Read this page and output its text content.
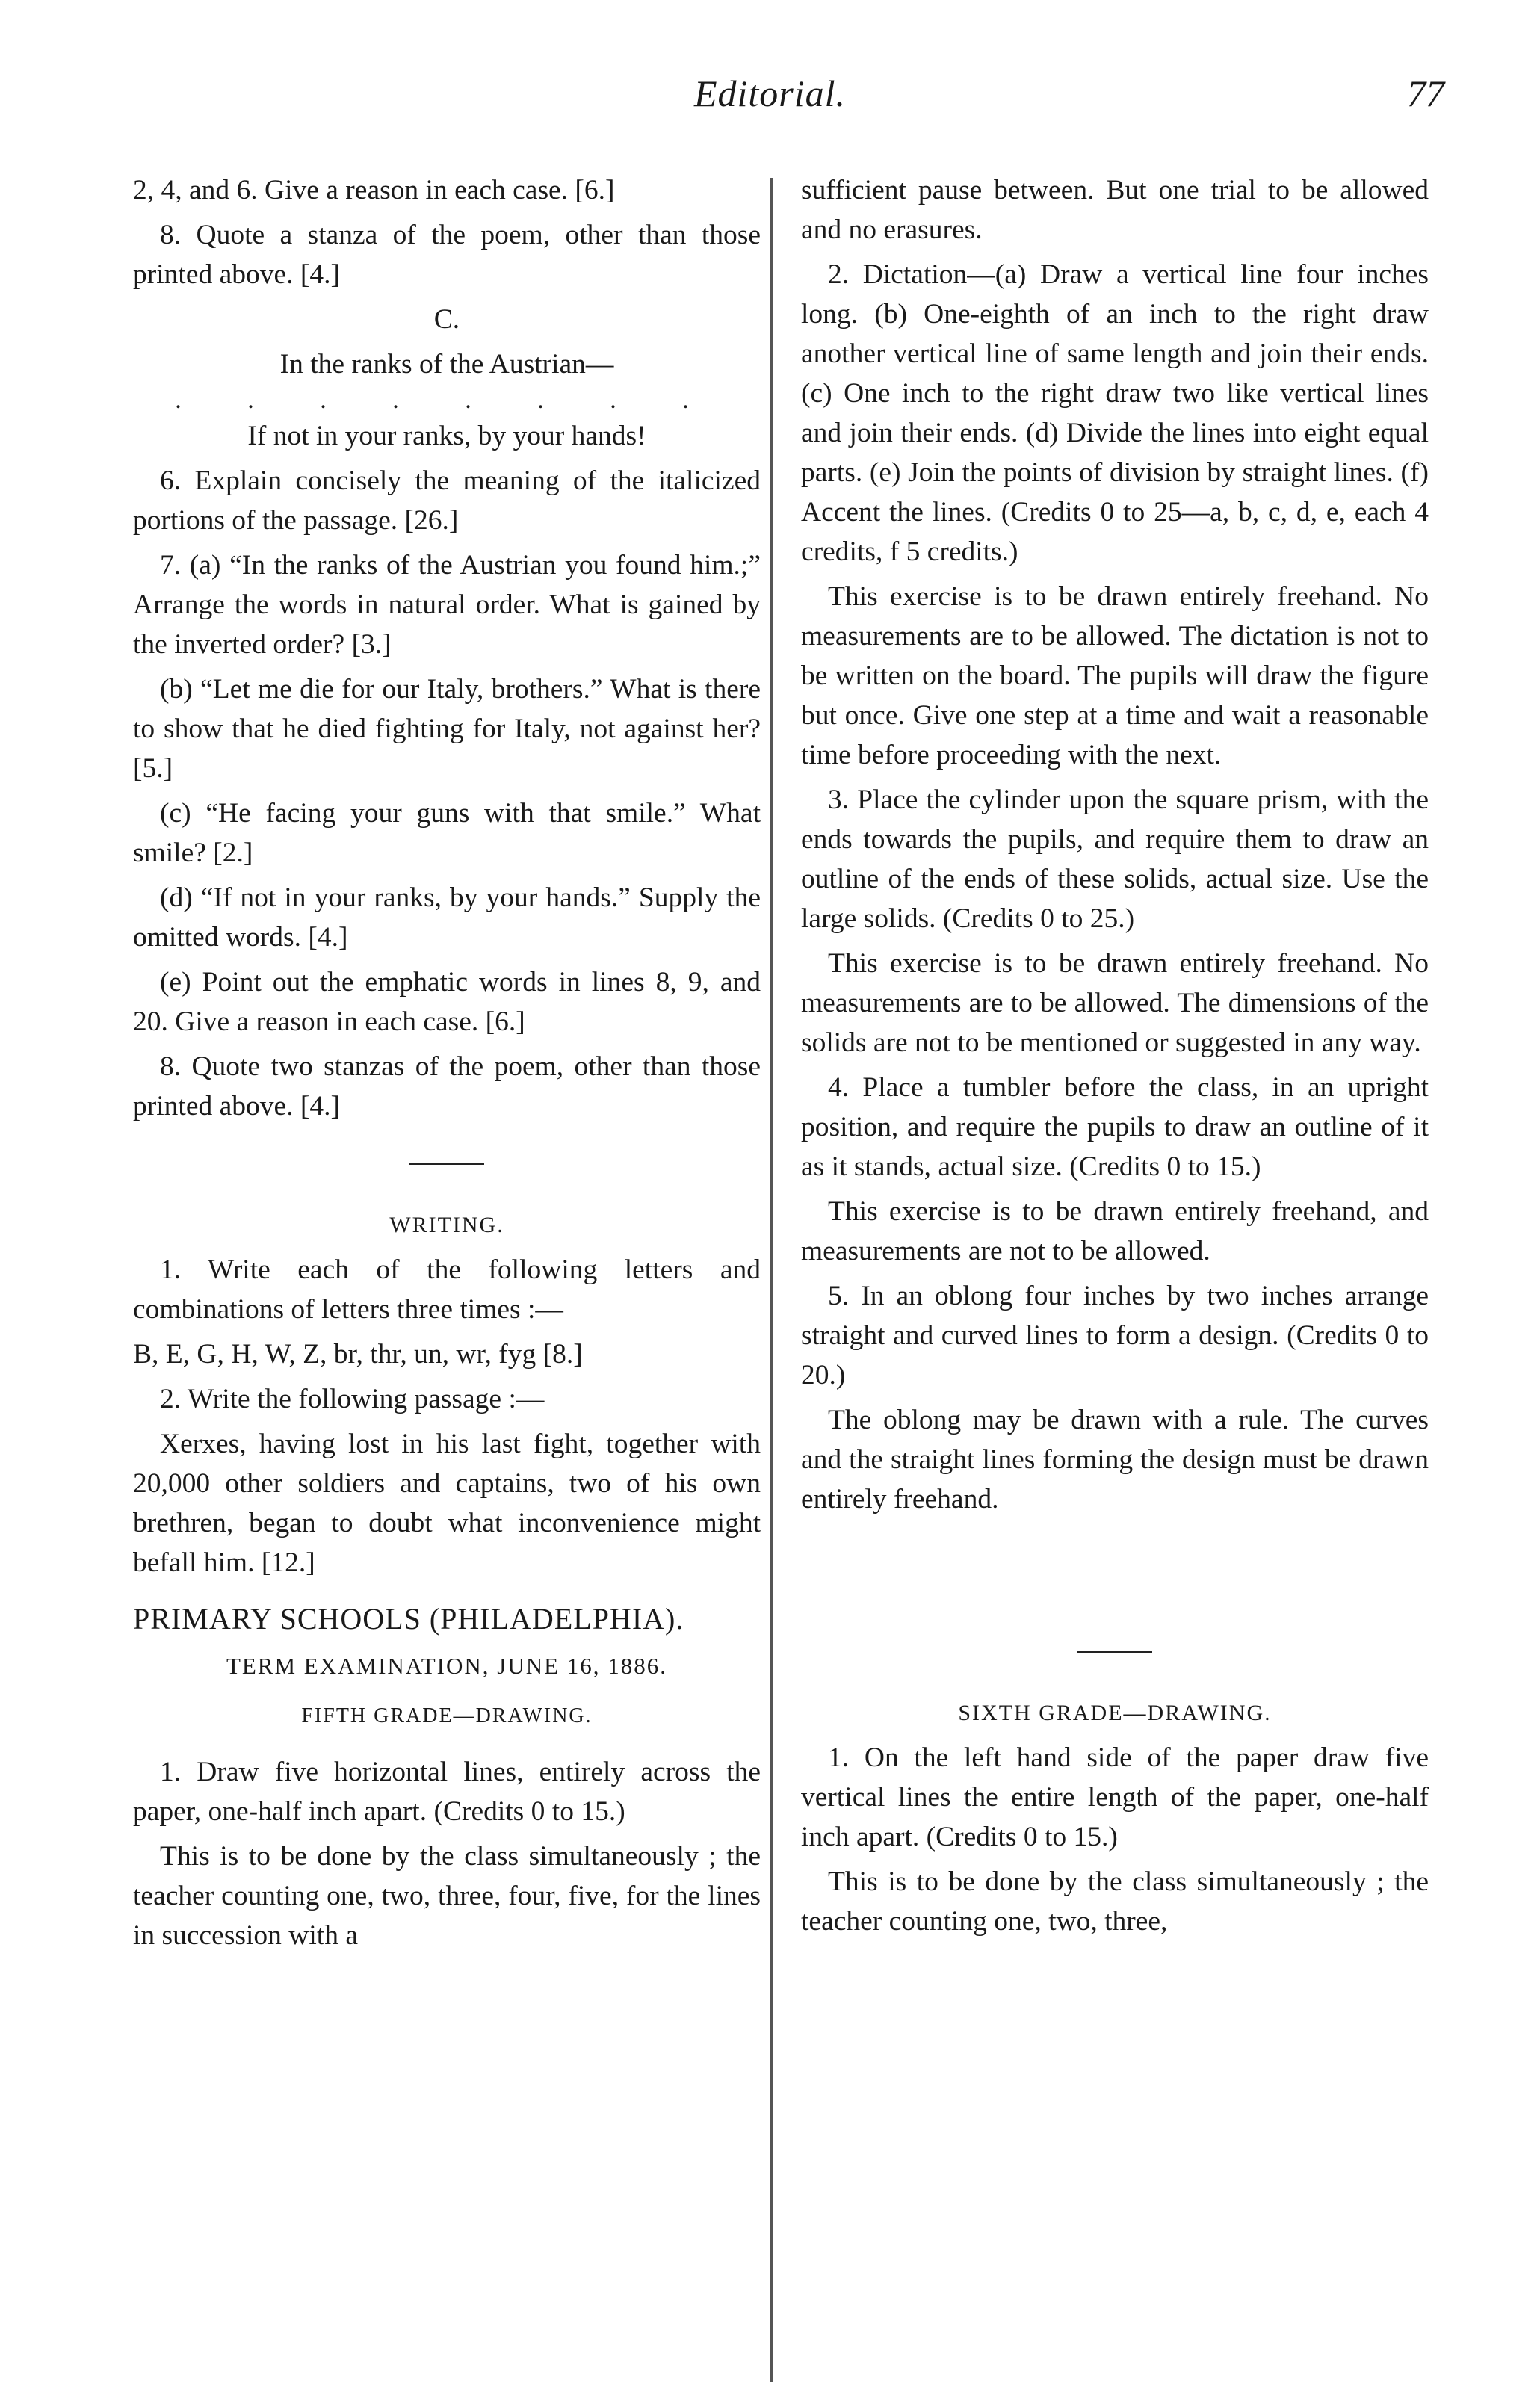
Editorial.	77

2, 4, and 6. Give a reason in each case. [6.]

8. Quote a stanza of the poem, other than those printed above. [4.]

C.

In the ranks of the Austrian—

. . . . . . . .

If not in your ranks, by your hands!

6. Explain concisely the meaning of the italicized portions of the passage. [26.]

7. (a) “In the ranks of the Austrian you found him.;” Arrange the words in natural order. What is gained by the inverted order? [3.]

(b) “Let me die for our Italy, brothers.” What is there to show that he died fighting for Italy, not against her? [5.]

(c) “He facing your guns with that smile.” What smile? [2.]

(d) “If not in your ranks, by your hands.” Supply the omitted words. [4.]

(e) Point out the emphatic words in lines 8, 9, and 20. Give a reason in each case. [6.]

8. Quote two stanzas of the poem, other than those printed above. [4.]

WRITING.

1. Write each of the following letters and combinations of letters three times :—

B, E, G, H, W, Z, br, thr, un, wr, fyg [8.]

2. Write the following passage :—

Xerxes, having lost in his last fight, together with 20,000 other soldiers and captains, two of his own brethren, began to doubt what inconvenience might befall him. [12.]

PRIMARY SCHOOLS (PHILADELPHIA).

TERM EXAMINATION, JUNE 16, 1886.

FIFTH GRADE—DRAWING.

1. Draw five horizontal lines, entirely across the paper, one-half inch apart. (Credits 0 to 15.)

This is to be done by the class simultaneously ; the teacher counting one, two, three, four, five, for the lines in succession with a

sufficient pause between. But one trial to be allowed and no erasures.

2. Dictation—(a) Draw a vertical line four inches long. (b) One-eighth of an inch to the right draw another vertical line of same length and join their ends. (c) One inch to the right draw two like vertical lines and join their ends. (d) Divide the lines into eight equal parts. (e) Join the points of division by straight lines. (f) Accent the lines. (Credits 0 to 25—a, b, c, d, e, each 4 credits, f 5 credits.)

This exercise is to be drawn entirely freehand. No measurements are to be allowed. The dictation is not to be written on the board. The pupils will draw the figure but once. Give one step at a time and wait a reasonable time before proceeding with the next.

3. Place the cylinder upon the square prism, with the ends towards the pupils, and require them to draw an outline of the ends of these solids, actual size. Use the large solids. (Credits 0 to 25.)

This exercise is to be drawn entirely freehand. No measurements are to be allowed. The dimensions of the solids are not to be mentioned or suggested in any way.

4. Place a tumbler before the class, in an upright position, and require the pupils to draw an outline of it as it stands, actual size. (Credits 0 to 15.)

This exercise is to be drawn entirely freehand, and measurements are not to be allowed.

5. In an oblong four inches by two inches arrange straight and curved lines to form a design. (Credits 0 to 20.)

The oblong may be drawn with a rule. The curves and the straight lines forming the design must be drawn entirely freehand.

SIXTH GRADE—DRAWING.

1. On the left hand side of the paper draw five vertical lines the entire length of the paper, one-half inch apart. (Credits 0 to 15.)

This is to be done by the class simultaneously ; the teacher counting one, two, three,
